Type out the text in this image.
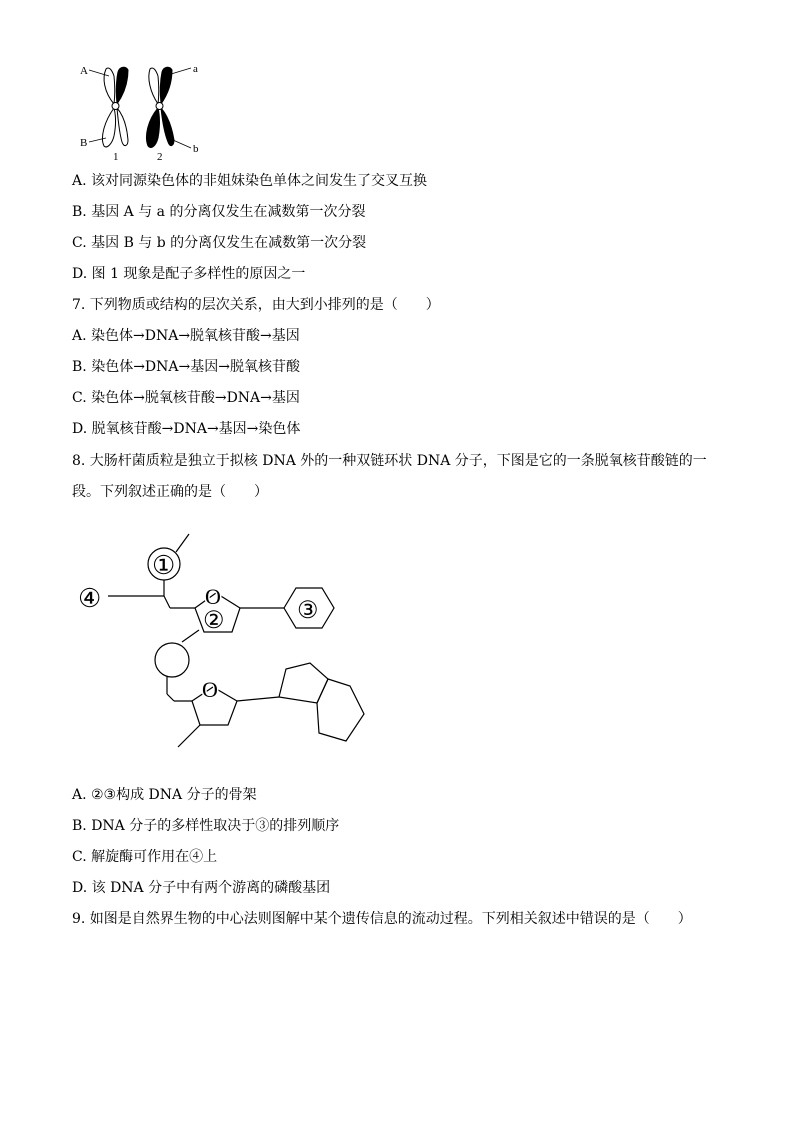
A
B
a
b
1	2
A. 该对同源染色体的非姐妹染色单体之间发生了交叉互换
B. 基因 A 与 a 的分离仅发生在减数第一次分裂
C. 基因 B 与 b 的分离仅发生在减数第一次分裂
D. 图 1 现象是配子多样性的原因之一
7. 下列物质或结构的层次关系，由大到小排列的是（　　）
A. 染色体→DNA→脱氧核苷酸→基因
B. 染色体→DNA→基因→脱氧核苷酸
C. 染色体→脱氧核苷酸→DNA→基因
D. 脱氧核苷酸→DNA→基因→染色体
8. 大肠杆菌质粒是独立于拟核 DNA 外的一种双链环状 DNA 分子，下图是它的一条脱氧核苷酸链的一
段。下列叙述正确的是（　　）
①
④
②	③
O
O
A. ②③构成 DNA 分子的骨架
B. DNA 分子的多样性取决于③的排列顺序
C. 解旋酶可作用在④上
D. 该 DNA 分子中有两个游离的磷酸基团
9. 如图是自然界生物的中心法则图解中某个遗传信息的流动过程。下列相关叙述中错误的是（　　）
